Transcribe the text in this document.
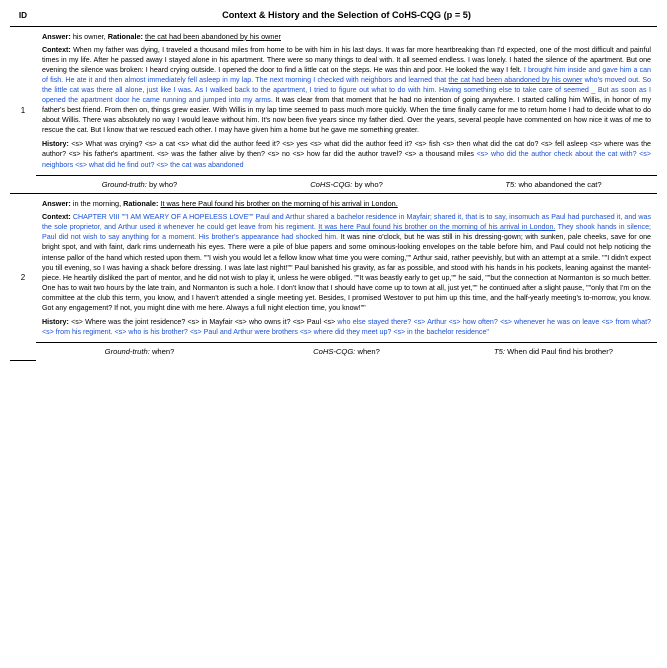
ID	Context & History and the Selection of CoHS-CQG (p = 5)
1	Answer: his owner, Rationale: the cat had been abandoned by his owner
Context: When my father was dying, I traveled a thousand miles from home to be with him in his last days. It was far more heartbreaking than I'd expected, one of the most difficult and painful times in my life. After he passed away I stayed alone in his apartment. There were so many things to deal with. It all seemed endless. I was lonely. I hated the silence of the apartment. But one evening the silence was broken: I heard crying outside. I opened the door to find a little cat on the steps. He was thin and poor. He looked the way I felt. I brought him inside and gave him a can of fish. He ate it and then almost immediately fell asleep in my lap. The next morning I checked with neighbors and learned that the cat had been abandoned by his owner who's moved out. So the little cat was there all alone, just like I was. As I walked back to the apartment, I tried to figure out what to do with him. Having something else to take care of seemed _ But as soon as I opened the apartment door he came running and jumped into my arms. It was clear from that moment that he had no intention of going anywhere. I started calling him Willis, in honor of my father's best friend. From then on, things grew easier. With Willis in my lap time seemed to pass much more quickly. When the time finally came for me to return home I had to decide what to do about Willis. There was absolutely no way I would leave without him. It's now been five years since my father died. Over the years, several people have commented on how nice it was of me to rescue the cat. But I know that we rescued each other. I may have given him a home but he gave me something greater.
History: <s> What was crying? <s> a cat <s> what did the author feed it? <s> yes <s> what did the author feed it? <s> fish <s> then what did the cat do? <s> fell asleep <s> where was the author? <s> his father's apartment. <s> was the father alive by then? <s> no <s> how far did the author travel? <s> a thousand miles <s> who did the author check about the cat with? <s> neighbors <s> what did he find out? <s> the cat was abandoned

	Ground-truth: by who? CoHS-CQG: by who? T5: who abandoned the cat?

2	Answer: in the morning, Rationale: It was here Paul found his brother on the morning of his arrival in London.
Context: CHAPTER VIII ""I AM WEARY OF A HOPELESS LOVE"" Paul and Arthur shared a bachelor residence in Mayfair; shared it, that is to say, insomuch as Paul had purchased it, and was the sole proprietor, and Arthur used it whenever he could get leave from his regiment. It was here Paul found his brother on the morning of his arrival in London. They shook hands in silence; Paul did not wish to say anything for a moment. His brother's appearance had shocked him. It was nine o'clock, but he was still in his dressing-gown; with sunken, pale cheeks, save for one bright spot, and with faint, dark rims underneath his eyes. There were a pile of blue papers and some ominous-looking envelopes on the table before him, and Paul could not help noticing the intense pallor of the hand which rested upon them. ""I wish you would let a fellow know what time you were coming,"" Arthur said, rather peevishly, but with an attempt at a smile. ""I didn't expect you till evening, so I was having a shack before dressing. I was late last night!"" Paul banished his gravity, as far as possible, and stood with his hands in his pockets, leaning against the mantel-piece. He heartily disliked the part of mentor, and he did not wish to play it, unless he were obliged. ""It was beastly early to get up,"" he said, ""but the connection at Normanton is so much better. One has to wait two hours by the late train, and Normanton is such a hole. I don't know that I should have come up to town at all, just yet,"" he continued after a slight pause, ""only that I'm on the committee at the club this term, you know, and I haven't attended a single meeting yet. Besides, I promised Westover to put him up this time, and the half-yearly meeting's to-morrow, you know. Got any engagement? If not, you might dine with me here. Always a full night election time, you know!""
History: <s> Where was the joint residence? <s> in Mayfair <s> who owns it? <s> Paul <s> who else stayed there? <s> Arthur <s> how often? <s> whenever he was on leave <s> from what? <s> from his regiment. <s> who is his brother? <s> Paul and Arthur were brothers <s> where did they meet up? <s> in the bachelor residence"

	Ground-truth: when? CoHS-CQG: when? T5: When did Paul find his brother?
